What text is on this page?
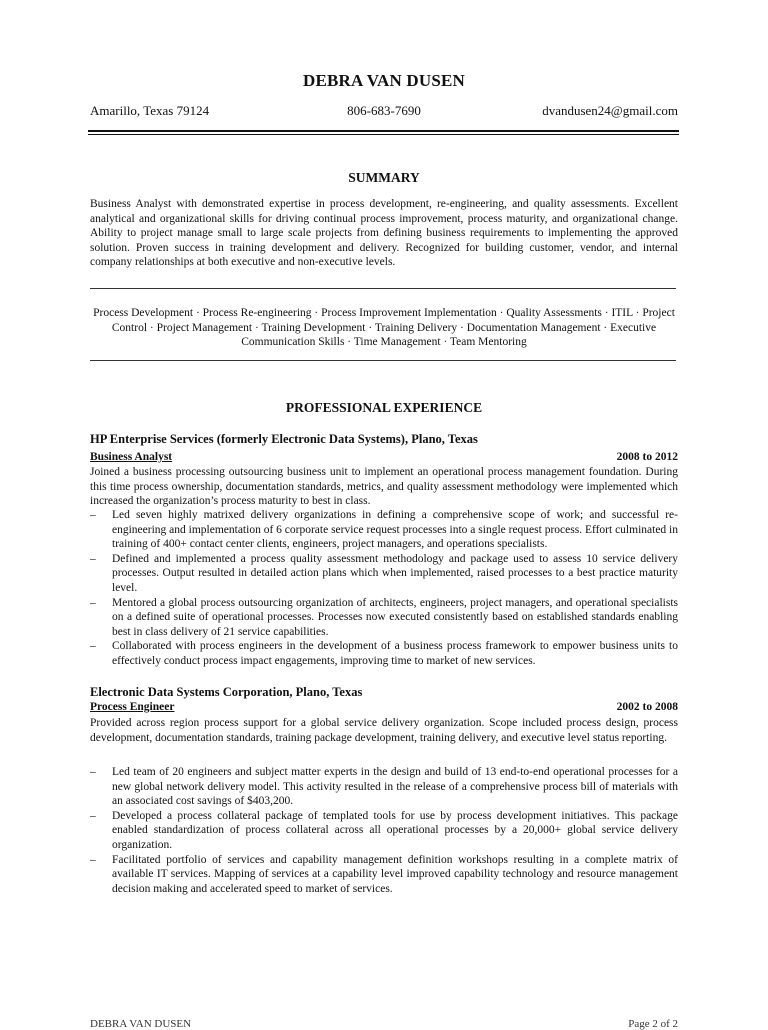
DEBRA VAN DUSEN
Amarillo, Texas 79124	806-683-7690	dvandusen24@gmail.com
SUMMARY
Business Analyst with demonstrated expertise in process development, re-engineering, and quality assessments. Excellent analytical and organizational skills for driving continual process improvement, process maturity, and organizational change. Ability to project manage small to large scale projects from defining business requirements to implementing the approved solution. Proven success in training development and delivery. Recognized for building customer, vendor, and internal company relationships at both executive and non-executive levels.
Process Development · Process Re-engineering · Process Improvement Implementation · Quality Assessments · ITIL · Project Control · Project Management · Training Development · Training Delivery · Documentation Management · Executive Communication Skills · Time Management · Team Mentoring
PROFESSIONAL EXPERIENCE
HP Enterprise Services (formerly Electronic Data Systems), Plano, Texas
Business Analyst	2008 to 2012
Joined a business processing outsourcing business unit to implement an operational process management foundation. During this time process ownership, documentation standards, metrics, and quality assessment methodology were implemented which increased the organization’s process maturity to best in class.
– Led seven highly matrixed delivery organizations in defining a comprehensive scope of work; and successful re-engineering and implementation of 6 corporate service request processes into a single request process. Effort culminated in training of 400+ contact center clients, engineers, project managers, and operations specialists.
– Defined and implemented a process quality assessment methodology and package used to assess 10 service delivery processes. Output resulted in detailed action plans which when implemented, raised processes to a best practice maturity level.
– Mentored a global process outsourcing organization of architects, engineers, project managers, and operational specialists on a defined suite of operational processes. Processes now executed consistently based on established standards enabling best in class delivery of 21 service capabilities.
– Collaborated with process engineers in the development of a business process framework to empower business units to effectively conduct process impact engagements, improving time to market of new services.
Electronic Data Systems Corporation, Plano, Texas
Process Engineer	2002 to 2008
Provided across region process support for a global service delivery organization. Scope included process design, process development, documentation standards, training package development, training delivery, and executive level status reporting.
– Led team of 20 engineers and subject matter experts in the design and build of 13 end-to-end operational processes for a new global network delivery model. This activity resulted in the release of a comprehensive process bill of materials with an associated cost savings of $403,200.
– Developed a process collateral package of templated tools for use by process development initiatives. This package enabled standardization of process collateral across all operational processes by a 20,000+ global service delivery organization.
– Facilitated portfolio of services and capability management definition workshops resulting in a complete matrix of available IT services. Mapping of services at a capability level improved capability technology and resource management decision making and accelerated speed to market of services.
DEBRA VAN DUSEN	Page 2 of 2
